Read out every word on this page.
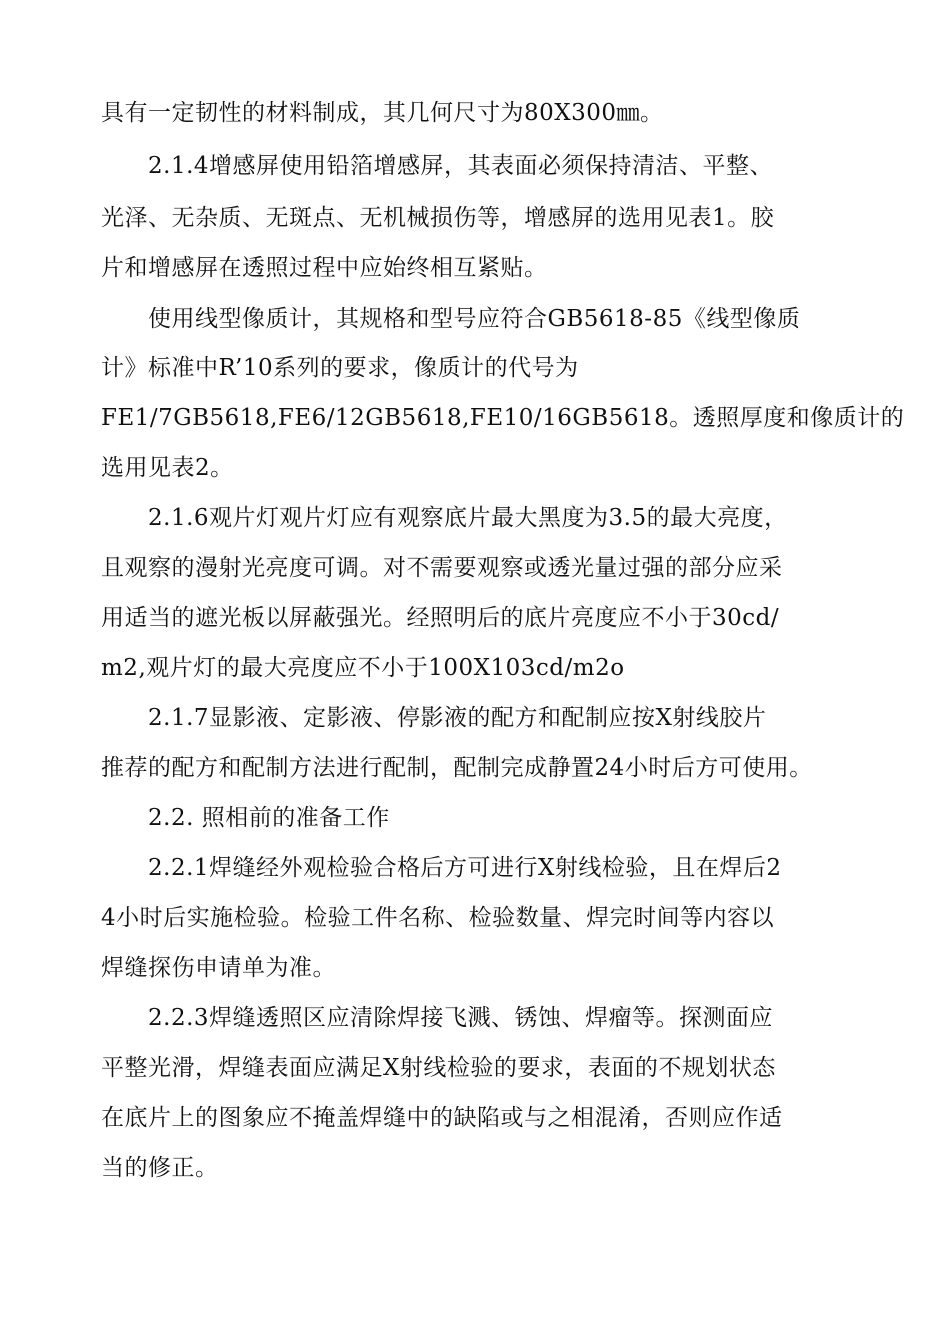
具有一定韧性的材料制成，其几何尺寸为80X300㎜。
2.1.4增感屏使用铅箔增感屏，其表面必须保持清洁、平整、
光泽、无杂质、无斑点、无机械损伤等，增感屏的选用见表1。胶
片和增感屏在透照过程中应始终相互紧贴。
使用线型像质计，其规格和型号应符合GB5618-85《线型像质
计》标准中R’10系列的要求，像质计的代号为
FE1/7GB5618,FE6/12GB5618,FE10/16GB5618。透照厚度和像质计的
选用见表2。
2.1.6观片灯观片灯应有观察底片最大黑度为3.5的最大亮度，
且观察的漫射光亮度可调。对不需要观察或透光量过强的部分应采
用适当的遮光板以屏蔽强光。经照明后的底片亮度应不小于30cd/
m2,观片灯的最大亮度应不小于100X103cd/m2o
2.1.7显影液、定影液、停影液的配方和配制应按X射线胶片
推荐的配方和配制方法进行配制，配制完成静置24小时后方可使用。
2.2. 照相前的准备工作
2.2.1焊缝经外观检验合格后方可进行X射线检验，且在焊后2
4小时后实施检验。检验工件名称、检验数量、焊完时间等内容以
焊缝探伤申请单为准。
2.2.3焊缝透照区应清除焊接飞溅、锈蚀、焊瘤等。探测面应
平整光滑，焊缝表面应满足X射线检验的要求，表面的不规划状态
在底片上的图象应不掩盖焊缝中的缺陷或与之相混淆，否则应作适
当的修正。
